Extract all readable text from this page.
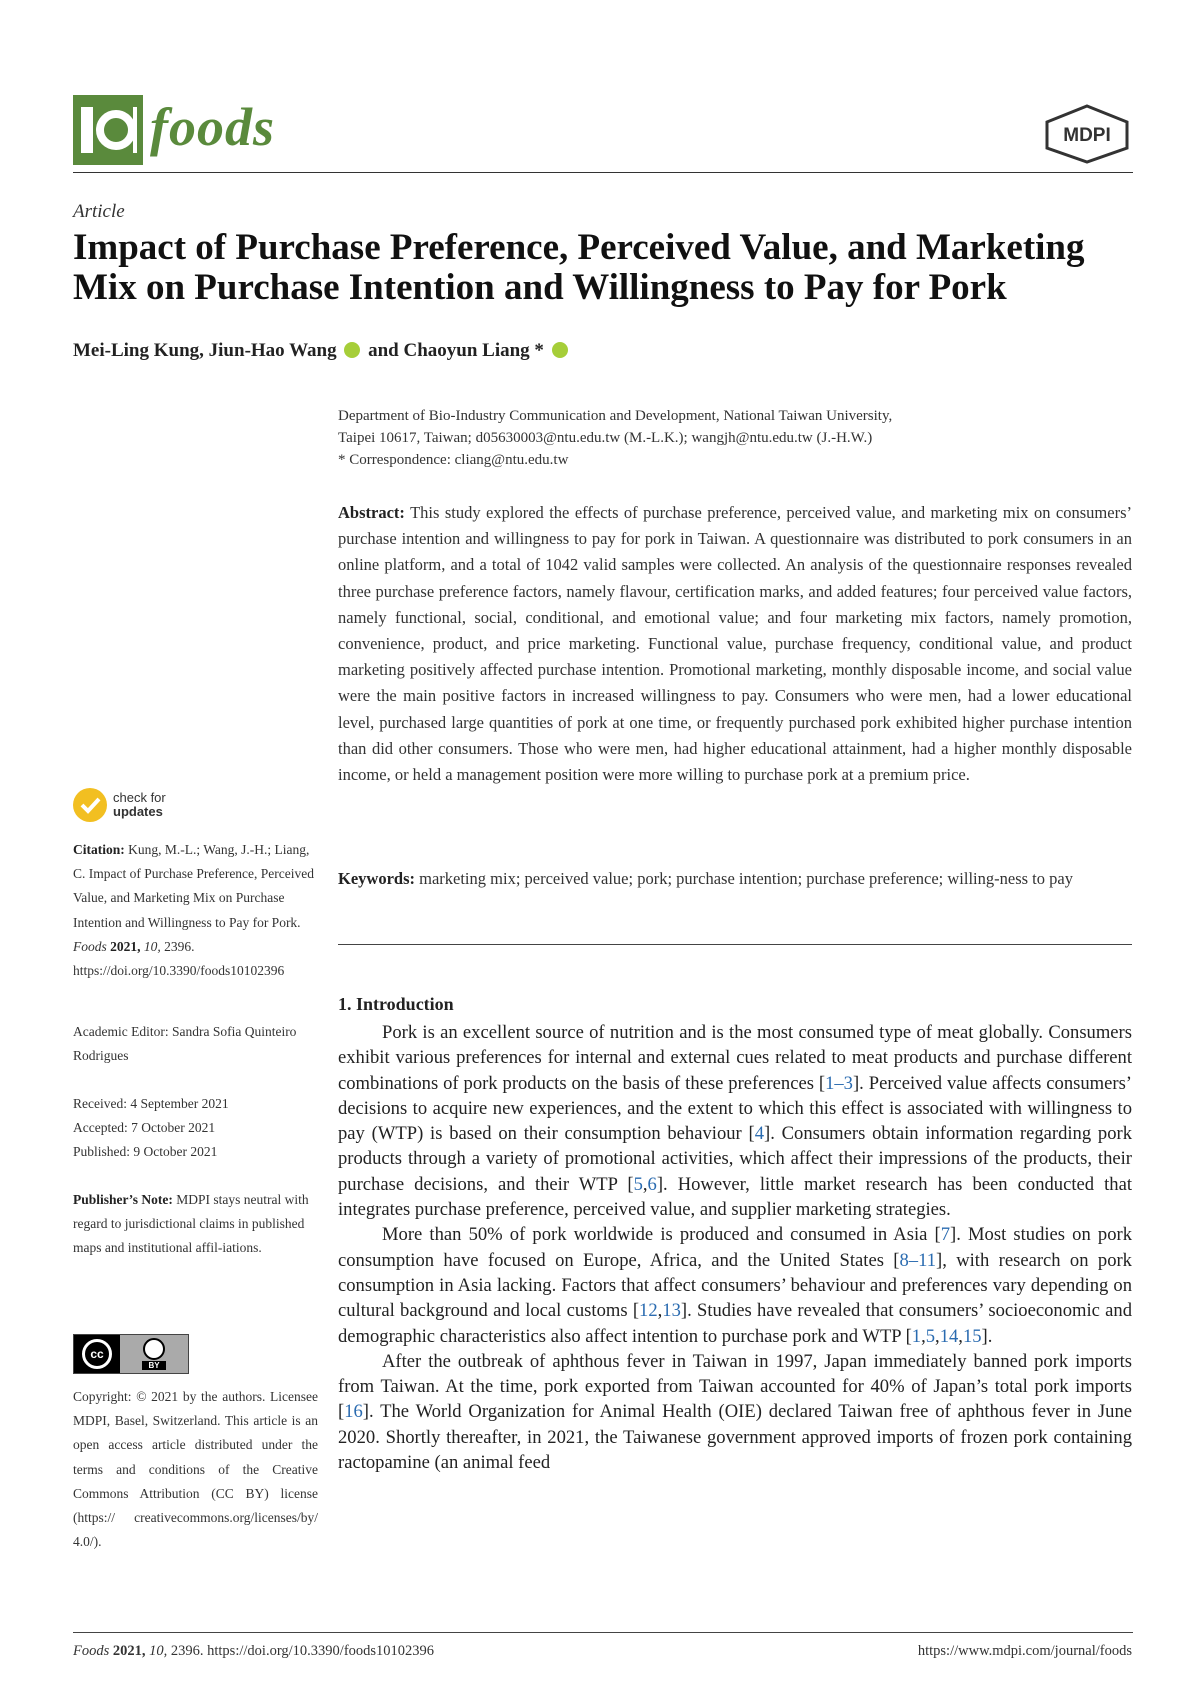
foods	MDPI
Article
Impact of Purchase Preference, Perceived Value, and Marketing Mix on Purchase Intention and Willingness to Pay for Pork
Mei-Ling Kung, Jiun-Hao Wang and Chaoyun Liang *
Department of Bio-Industry Communication and Development, National Taiwan University,
Taipei 10617, Taiwan; d05630003@ntu.edu.tw (M.-L.K.); wangjh@ntu.edu.tw (J.-H.W.)
* Correspondence: cliang@ntu.edu.tw
Abstract: This study explored the effects of purchase preference, perceived value, and marketing mix on consumers’ purchase intention and willingness to pay for pork in Taiwan. A questionnaire was distributed to pork consumers in an online platform, and a total of 1042 valid samples were collected. An analysis of the questionnaire responses revealed three purchase preference factors, namely flavour, certification marks, and added features; four perceived value factors, namely functional, social, conditional, and emotional value; and four marketing mix factors, namely promotion, convenience, product, and price marketing. Functional value, purchase frequency, conditional value, and product marketing positively affected purchase intention. Promotional marketing, monthly disposable income, and social value were the main positive factors in increased willingness to pay. Consumers who were men, had a lower educational level, purchased large quantities of pork at one time, or frequently purchased pork exhibited higher purchase intention than did other consumers. Those who were men, had higher educational attainment, had a higher monthly disposable income, or held a management position were more willing to purchase pork at a premium price.
Keywords: marketing mix; perceived value; pork; purchase intention; purchase preference; willing-ness to pay
1. Introduction

Pork is an excellent source of nutrition and is the most consumed type of meat globally. Consumers exhibit various preferences for internal and external cues related to meat products and purchase different combinations of pork products on the basis of these preferences [1–3]. Perceived value affects consumers’ decisions to acquire new experiences, and the extent to which this effect is associated with willingness to pay (WTP) is based on their consumption behaviour [4]. Consumers obtain information regarding pork products through a variety of promotional activities, which affect their impressions of the products, their purchase decisions, and their WTP [5,6]. However, little market research has been conducted that integrates purchase preference, perceived value, and supplier marketing strategies.

More than 50% of pork worldwide is produced and consumed in Asia [7]. Most studies on pork consumption have focused on Europe, Africa, and the United States [8–11], with research on pork consumption in Asia lacking. Factors that affect consumers’ behaviour and preferences vary depending on cultural background and local customs [12,13]. Studies have revealed that consumers’ socioeconomic and demographic characteristics also affect intention to purchase pork and WTP [1,5,14,15].

After the outbreak of aphthous fever in Taiwan in 1997, Japan immediately banned pork imports from Taiwan. At the time, pork exported from Taiwan accounted for 40% of Japan’s total pork imports [16]. The World Organization for Animal Health (OIE) declared Taiwan free of aphthous fever in June 2020. Shortly thereafter, in 2021, the Taiwanese government approved imports of frozen pork containing ractopamine (an animal feed

check for
updates
Citation: Kung, M.-L.; Wang, J.-H.; Liang, C. Impact of Purchase Preference, Perceived Value, and Marketing Mix on Purchase Intention and Willingness to Pay for Pork. Foods 2021, 10, 2396. https://doi.org/10.3390/foods10102396
Academic Editor: Sandra Sofia Quinteiro Rodrigues
Received: 4 September 2021
Accepted: 7 October 2021
Published: 9 October 2021
Publisher’s Note: MDPI stays neutral with regard to jurisdictional claims in published maps and institutional affil-iations.
cc
BY
Copyright: © 2021 by the authors. Licensee MDPI, Basel, Switzerland. This article is an open access article distributed under the terms and conditions of the Creative Commons Attribution (CC BY) license (https:// creativecommons.org/licenses/by/ 4.0/).
Foods 2021, 10, 2396. https://doi.org/10.3390/foods10102396	https://www.mdpi.com/journal/foods
